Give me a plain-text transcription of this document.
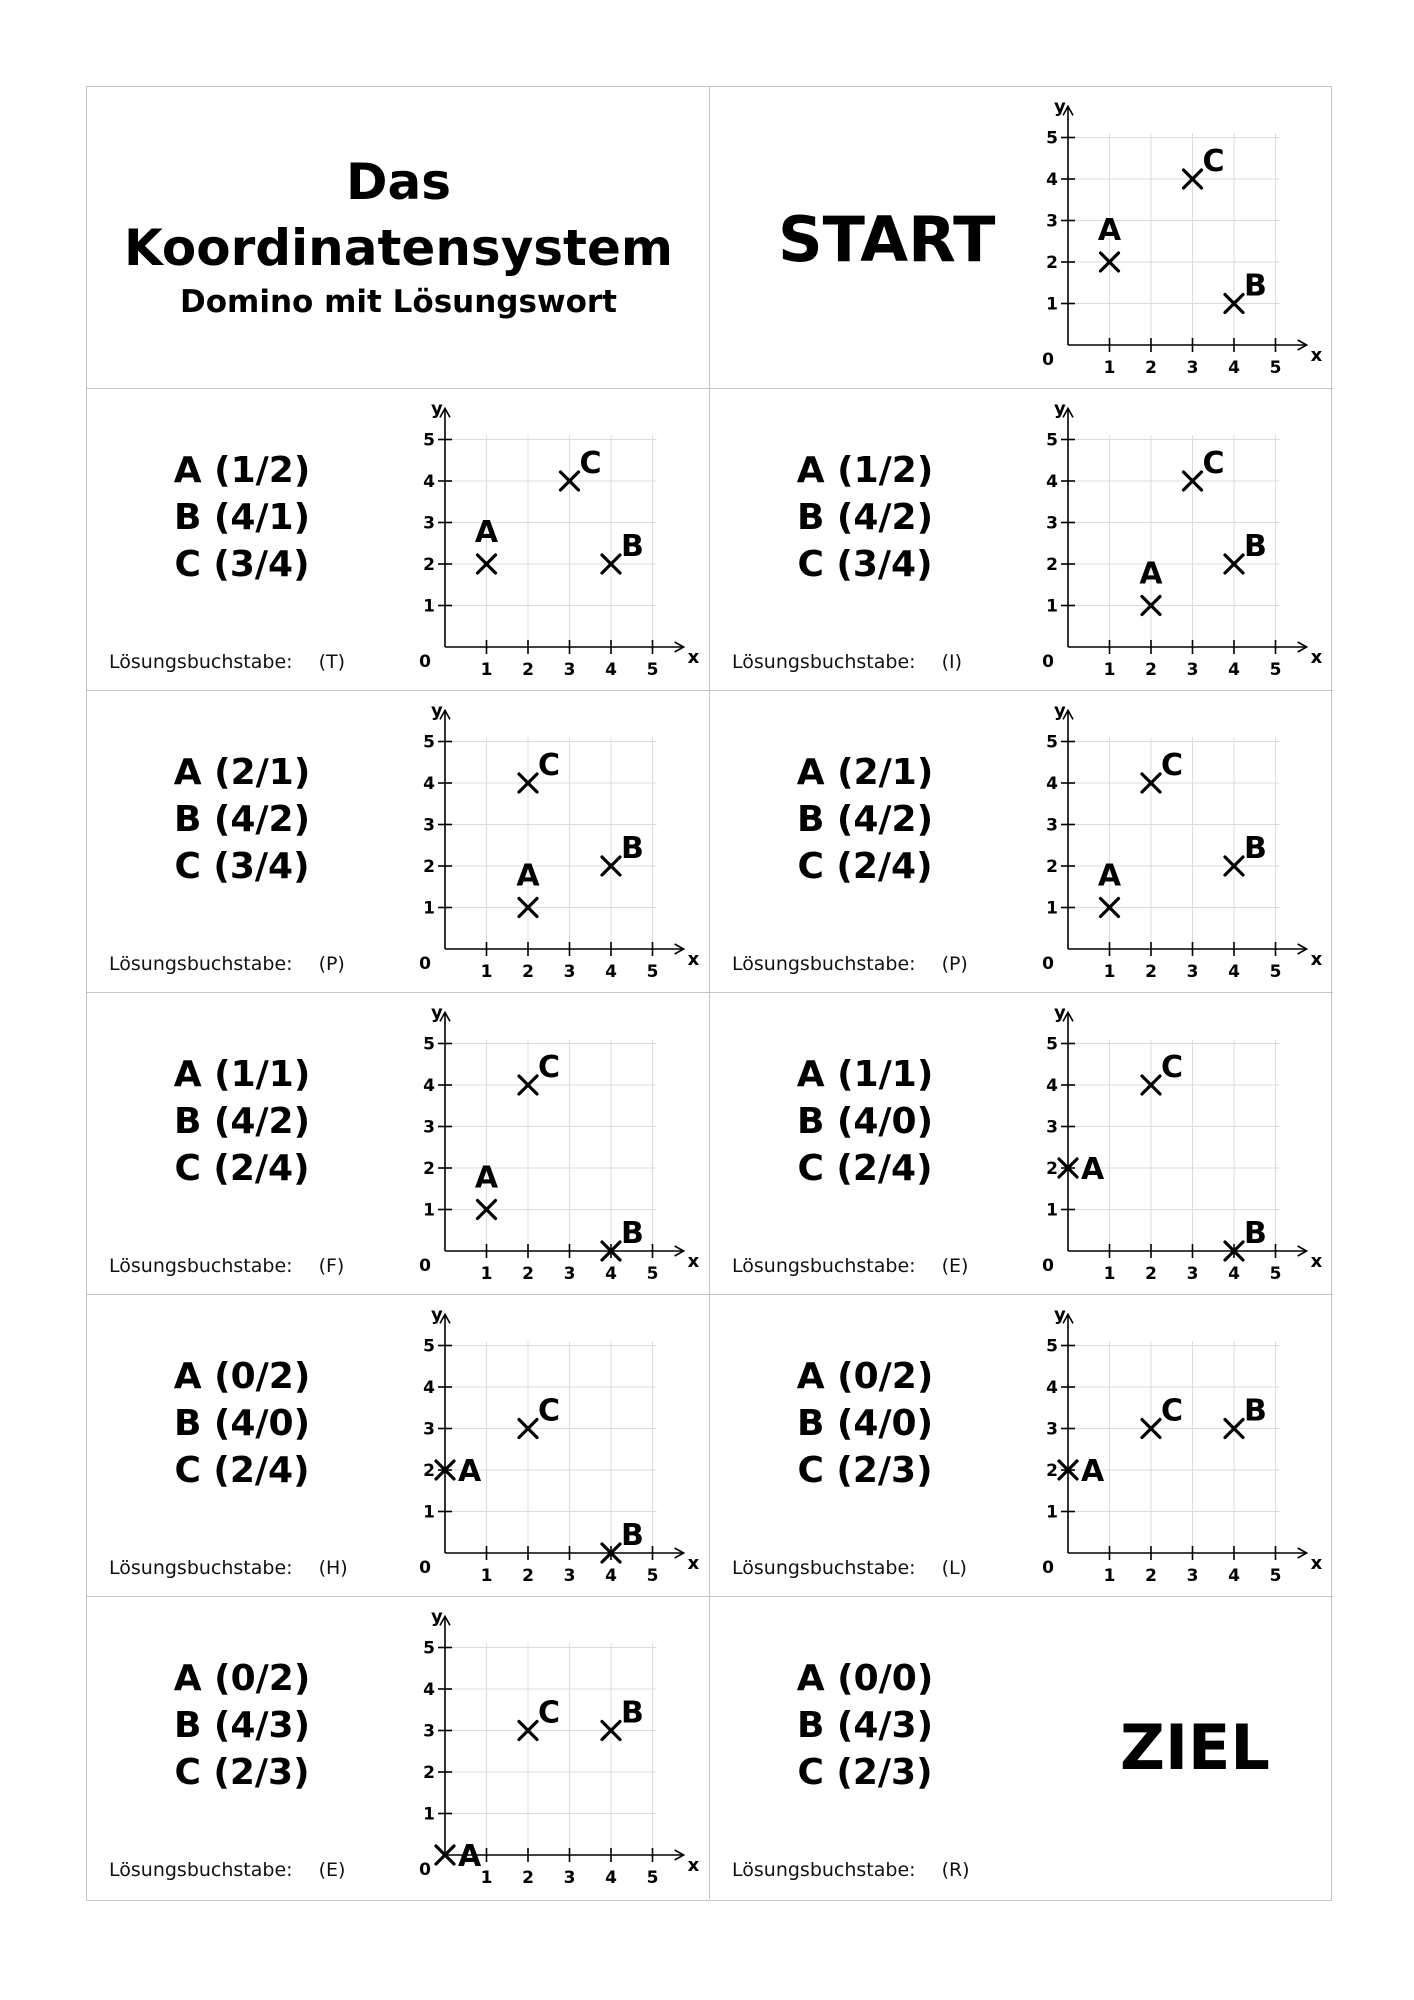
Das
Koordinatensystem
Domino mit Lösungswort
START
1
1
2
2
3
3
4
4
5
5
0	x
y
A
B
C
A (1/2)
B (4/1)
C (3/4)
Lösungsbuchstabe: (T)	1
1
2
2
3
3
4
4
5
5
0	x
y
A	B
C	A (1/2)
B (4/2)
C (3/4)
Lösungsbuchstabe: (I)	1
1
2
2
3
3
4
4
5
5
0	x
y
A
B
C
A (2/1)
B (4/2)
C (3/4)
Lösungsbuchstabe: (P)	1
1
2
2
3
3
4
4
5
5
0	x
y
A
B
C	A (2/1)
B (4/2)
C (2/4)
Lösungsbuchstabe: (P)	1
1
2
2
3
3
4
4
5
5
0	x
y
A
B
C
A (1/1)
B (4/2)
C (2/4)
Lösungsbuchstabe: (F)	1
1
2
2
3
3
4
4
5
5
0	x
y
A
B
C	A (1/1)
B (4/0)
C (2/4)
Lösungsbuchstabe: (E)	1
1
2
2
3
3
4
4
5
5
0	x
y
A
B
C
A (0/2)
B (4/0)
C (2/4)
Lösungsbuchstabe: (H)	1
1
2
2
3
3
4
4
5
5
0	x
y
A
B
C
A (0/2)
B (4/0)
C (2/3)
Lösungsbuchstabe: (L)	1
1
2
2
3
3
4
4
5
5
0	x
y
A
B
C
A (0/2)
B (4/3)
C (2/3)
Lösungsbuchstabe: (E)	1
1
2
2
3
3
4
4
5
5
0	x
y
A
B
C	ZIEL
A (0/0)
B (4/3)
C (2/3)
Lösungsbuchstabe: (R)
